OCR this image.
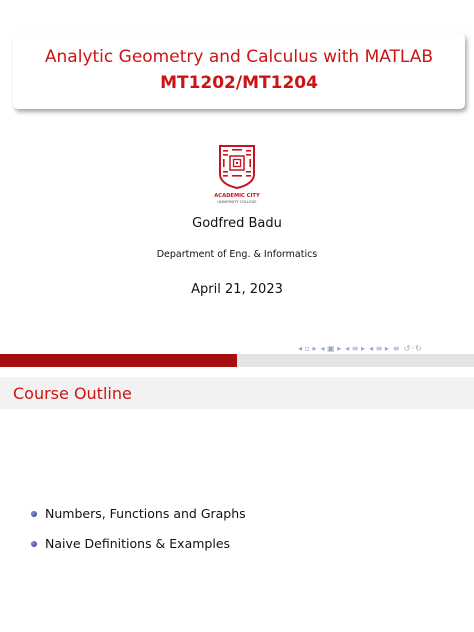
Analytic Geometry and Calculus with MATLAB
MT1202/MT1204
ACADEMIC CITY
UNIVERSITY COLLEGE
Godfred Badu
Department of Eng. & Informatics
April 21, 2023
◂ ▫ ▸ ◂ ▣ ▸ ◂ ≡ ▸ ◂ ≡ ▸ ≡ ↺◦↻
Course Outline
Numbers, Functions and Graphs
Naive Definitions & Examples
